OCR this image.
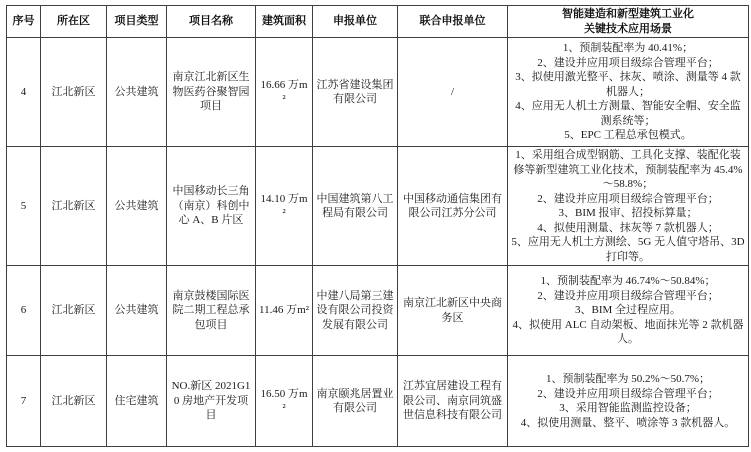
序号	所在区	项目类型	项目名称	建筑面积	申报单位	联合申报单位	智能建造和新型建筑工业化
关键技术应用场景

4	江北新区	公共建筑	南京江北新区生物医药谷聚智园项目	16.66 万m²	江苏省建设集团有限公司	/	1、预制装配率为 40.41%；
2、建设并应用项目级综合管理平台；
3、拟使用激光整平、抹灰、喷涂、测量等 4 款机器人；
4、应用无人机土方测量、智能安全帽、安全监测系统等；
5、EPC 工程总承包模式。

5	江北新区	公共建筑	中国移动长三角（南京）科创中心 A、B 片区	14.10 万m²	中国建筑第八工程局有限公司	中国移动通信集团有限公司江苏分公司	1、采用组合成型钢筋、工具化支撑、装配化装修等新型建筑工业化技术，预制装配率为 45.4%～58.8%；
2、建设并应用项目级综合管理平台；
3、BIM 报审、招投标算量；
4、拟使用测量、抹灰等 7 款机器人；
5、应用无人机土方测绘、5G 无人值守塔吊、3D 打印等。

6	江北新区	公共建筑	南京鼓楼国际医院二期工程总承包项目	11.46 万m²	中建八局第三建设有限公司投资发展有限公司	南京江北新区中央商务区	1、预制装配率为 46.74%～50.84%；
2、建设并应用项目级综合管理平台；
3、BIM 全过程应用。
4、拟使用 ALC 自动架板、地面抹光等 2 款机器人。

7	江北新区	住宅建筑	NO.新区 2021G10 房地产开发项目	16.50 万m²	南京颐兆居置业有限公司	江苏宜居建设工程有限公司、南京同筑盛世信息科技有限公司	1、预制装配率为 50.2%～50.7%；
2、建设并应用项目级综合管理平台；
3、采用智能监测监控设备；
4、拟使用测量、整平、喷涂等 3 款机器人。
